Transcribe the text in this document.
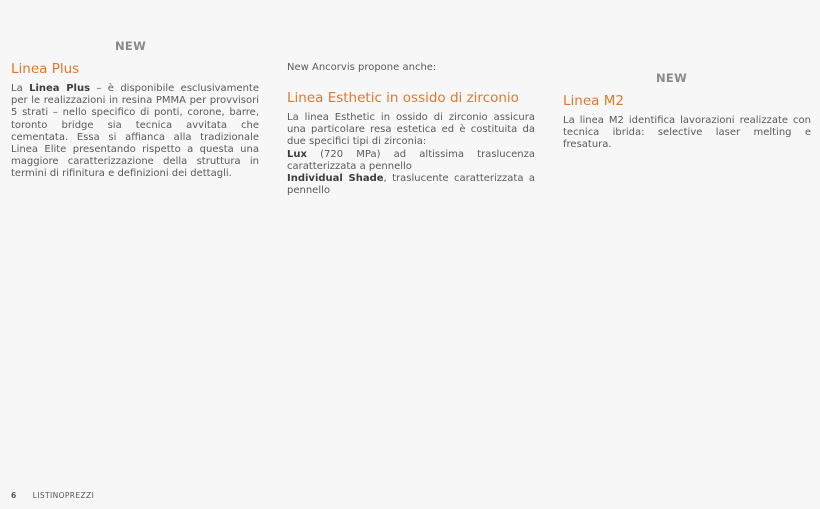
NEW
Linea Plus

La Linea Plus – è disponibile esclusivamente per le realizzazioni in resina PMMA per provvisori 5 strati – nello specifico di ponti, corone, barre, toronto bridge sia tecnica avvitata che cementata. Essa si affianca alla tradizionale Linea Elite presentando rispetto a questa una maggiore caratterizzazione della struttura in termini di rifinitura e definizioni dei dettagli.

New Ancorvis propone anche:

Linea Esthetic in ossido di zirconio

La linea Esthetic in ossido di zirconio assicura una particolare resa estetica ed è costituita da due specifici tipi di zirconia:

Lux (720 MPa) ad altissima traslucenza caratterizzata a pennello

Individual Shade, traslucente caratterizzata a pennello

NEW
Linea M2

La linea M2 identifica lavorazioni realizzate con tecnica ibrida: selective laser melting e fresatura.

6 LISTINOPREZZI
